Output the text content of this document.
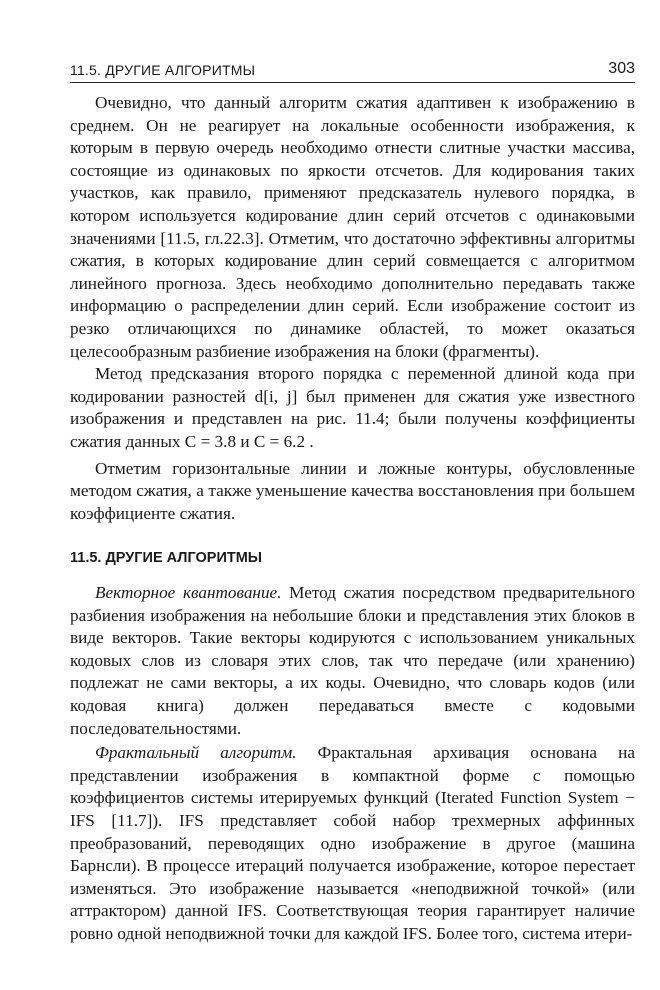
11.5. ДРУГИЕ АЛГОРИТМЫ	303

Очевидно, что данный алгоритм сжатия адаптивен к изображению в среднем. Он не реагирует на локальные особенности изображения, к которым в первую очередь необходимо отнести слитные участки массива, состоящие из одинаковых по яркости отсчетов. Для кодирования таких участков, как правило, применяют предсказатель нулевого порядка, в котором используется кодирование длин серий отсчетов с одинаковыми значениями [11.5, гл.22.3]. Отметим, что достаточно эффективны алгоритмы сжатия, в которых кодирование длин серий совмещается с алгоритмом линейного прогноза. Здесь необходимо дополнительно передавать также информацию о распределении длин серий. Если изображение состоит из резко отличающихся по динамике областей, то может оказаться целесообразным разбиение изображения на блоки (фрагменты).

Метод предсказания второго порядка с переменной длиной кода при кодировании разностей d[i, j] был применен для сжатия уже известного изображения и представлен на рис. 11.4; были получены коэффициенты сжатия данных C = 3.8 и C = 6.2 .

Отметим горизонтальные линии и ложные контуры, обусловленные методом сжатия, а также уменьшение качества восстановления при большем коэффициенте сжатия.

11.5. ДРУГИЕ АЛГОРИТМЫ

Векторное квантование. Метод сжатия посредством предварительного разбиения изображения на небольшие блоки и представления этих блоков в виде векторов. Такие векторы кодируются с использованием уникальных кодовых слов из словаря этих слов, так что передаче (или хранению) подлежат не сами векторы, а их коды. Очевидно, что словарь кодов (или кодовая книга) должен передаваться вместе с кодовыми последовательностями.

Фрактальный алгоритм. Фрактальная архивация основана на представлении изображения в компактной форме с помощью коэффициентов системы итерируемых функций (Iterated Function System − IFS [11.7]). IFS представляет собой набор трехмерных аффинных преобразований, переводящих одно изображение в другое (машина Барнсли). В процессе итераций получается изображение, которое перестает изменяться. Это изображение называется «неподвижной точкой» (или аттрактором) данной IFS. Соответствующая теория гарантирует наличие ровно одной неподвижной точки для каждой IFS. Более того, система итери-
